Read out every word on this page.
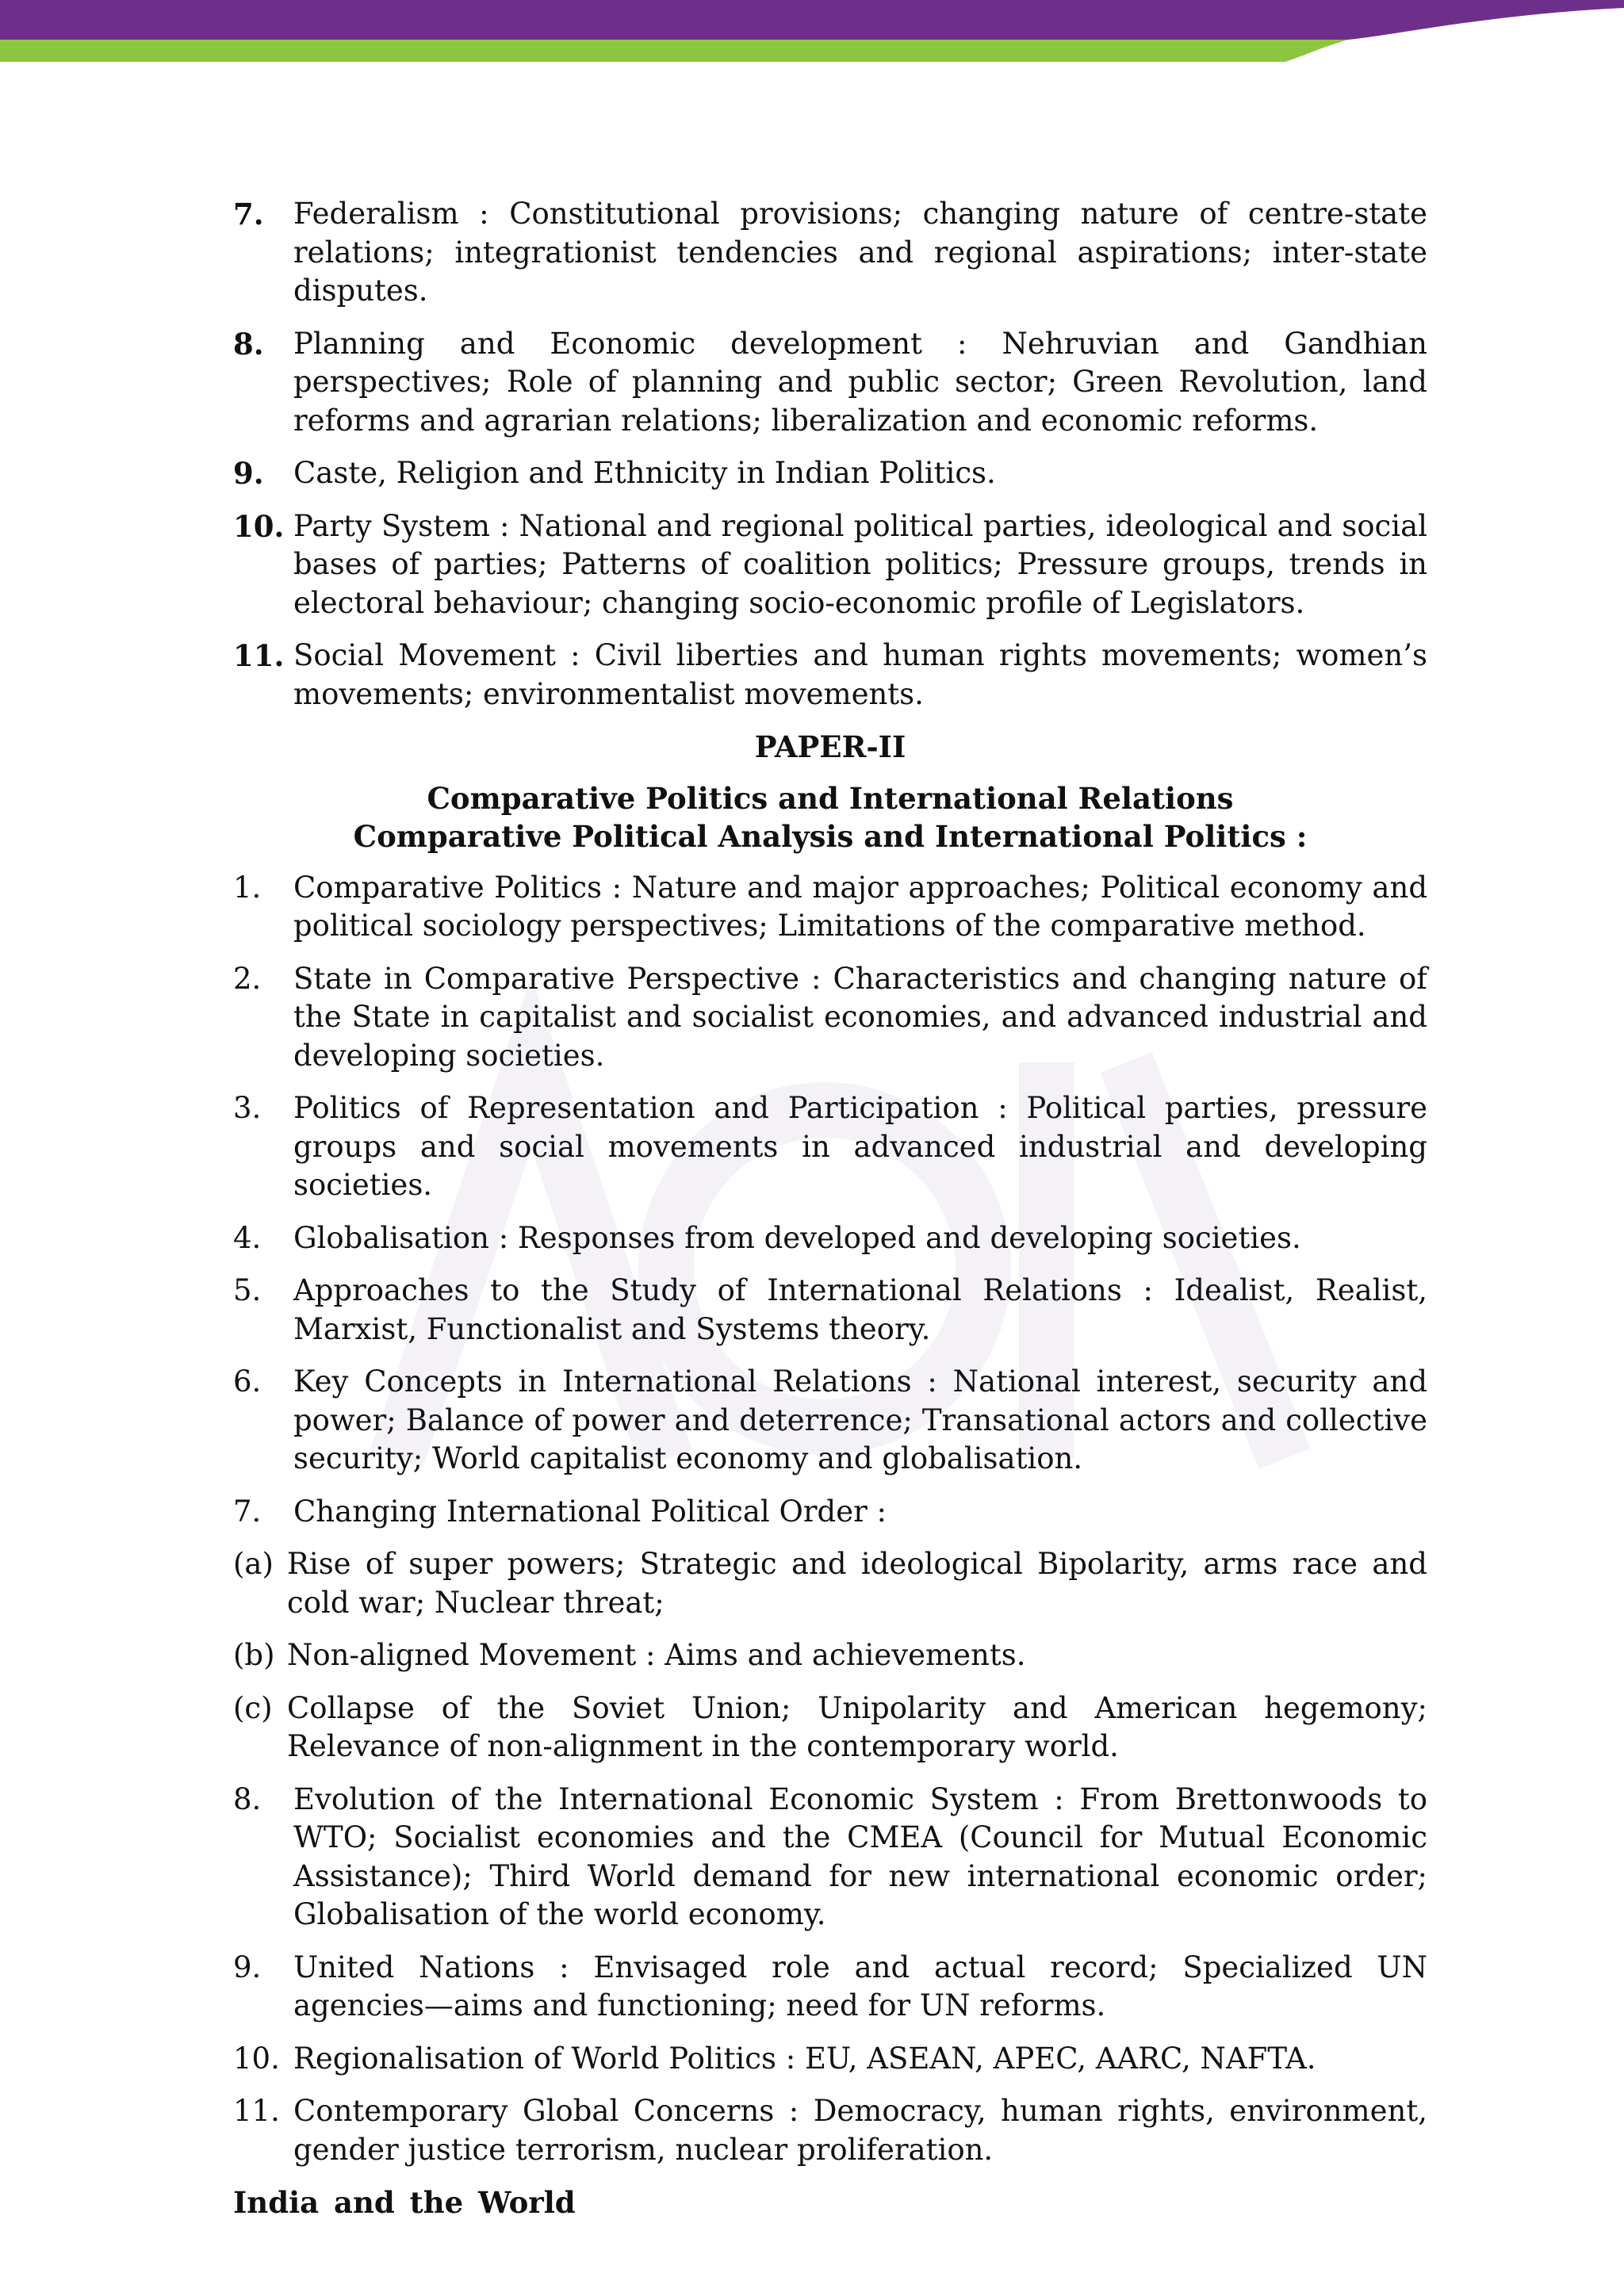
7. Federalism : Constitutional provisions; changing nature of centre-state relations; integrationist tendencies and regional aspirations; inter-state disputes.
8. Planning and Economic development : Nehruvian and Gandhian perspectives; Role of planning and public sector; Green Revolution, land reforms and agrarian relations; liberalization and economic reforms.
9. Caste, Religion and Ethnicity in Indian Politics.
10. Party System : National and regional political parties, ideological and social bases of parties; Patterns of coalition politics; Pressure groups, trends in electoral behaviour; changing socio-economic profile of Legislators.
11. Social Movement : Civil liberties and human rights movements; women’s movements; environmentalist movements.
PAPER-II
Comparative Politics and International Relations
Comparative Political Analysis and International Politics :
1. Comparative Politics : Nature and major approaches; Political economy and political sociology perspectives; Limitations of the comparative method.
2. State in Comparative Perspective : Characteristics and changing nature of the State in capitalist and socialist economies, and advanced industrial and developing societies.
3. Politics of Representation and Participation : Political parties, pressure groups and social movements in advanced industrial and developing societies.
4. Globalisation : Responses from developed and developing societies.
5. Approaches to the Study of International Relations : Idealist, Realist, Marxist, Functionalist and Systems theory.
6. Key Concepts in International Relations : National interest, security and power; Balance of power and deterrence; Transational actors and collective security; World capitalist economy and globalisation.
7. Changing International Political Order :
(a) Rise of super powers; Strategic and ideological Bipolarity, arms race and cold war; Nuclear threat;
(b) Non-aligned Movement : Aims and achievements.
(c) Collapse of the Soviet Union; Unipolarity and American hegemony; Relevance of non-alignment in the contemporary world.
8. Evolution of the International Economic System : From Brettonwoods to WTO; Socialist economies and the CMEA (Council for Mutual Economic Assistance); Third World demand for new international economic order; Globalisation of the world economy.
9. United Nations : Envisaged role and actual record; Specialized UN agencies—aims and functioning; need for UN reforms.
10. Regionalisation of World Politics : EU, ASEAN, APEC, AARC, NAFTA.
11. Contemporary Global Concerns : Democracy, human rights, environment, gender justice terrorism, nuclear proliferation.
India and the World
